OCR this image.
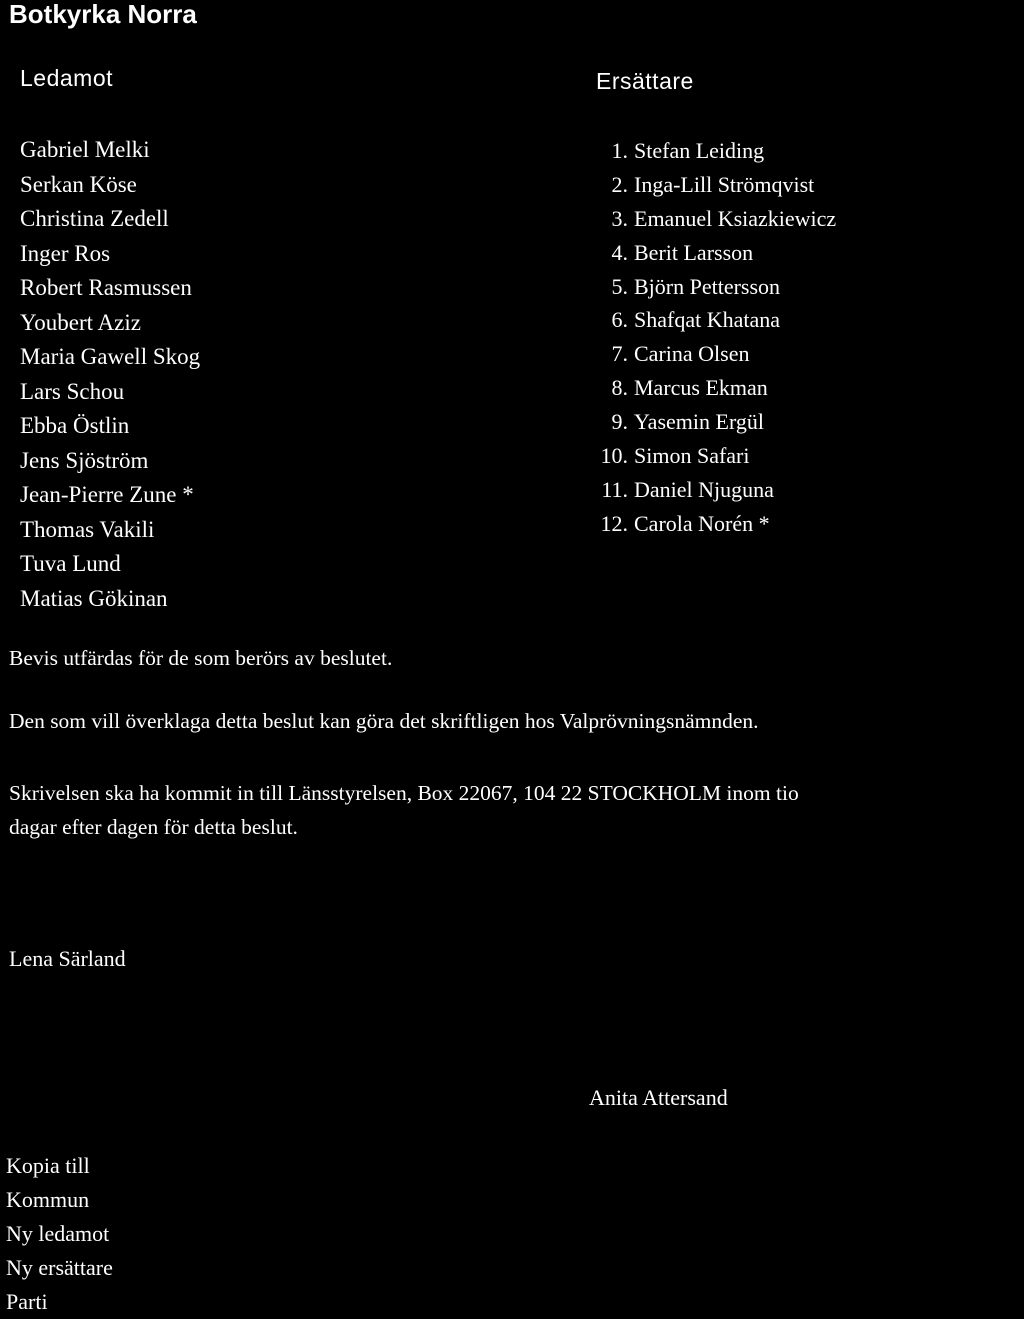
Botkyrka Norra
Ledamot	Ersättare
Gabriel Melki
Serkan Köse
Christina Zedell
Inger Ros
Robert Rasmussen
Youbert Aziz
Maria Gawell Skog
Lars Schou
Ebba Östlin
Jens Sjöström
Jean-Pierre Zune *
Thomas Vakili
Tuva Lund
Matias Gökinan
1. Stefan Leiding
2. Inga-Lill Strömqvist
3. Emanuel Ksiazkiewicz
4. Berit Larsson
5. Björn Pettersson
6. Shafqat Khatana
7. Carina Olsen
8. Marcus Ekman
9. Yasemin Ergül
10. Simon Safari
11. Daniel Njuguna
12. Carola Norén *
Bevis utfärdas för de som berörs av beslutet.
Den som vill överklaga detta beslut kan göra det skriftligen hos Valprövningsnämnden.
Skrivelsen ska ha kommit in till Länsstyrelsen, Box 22067, 104 22 STOCKHOLM inom tio
dagar efter dagen för detta beslut.
Lena Särland
Anita Attersand
Kopia till
Kommun
Ny ledamot
Ny ersättare
Parti
